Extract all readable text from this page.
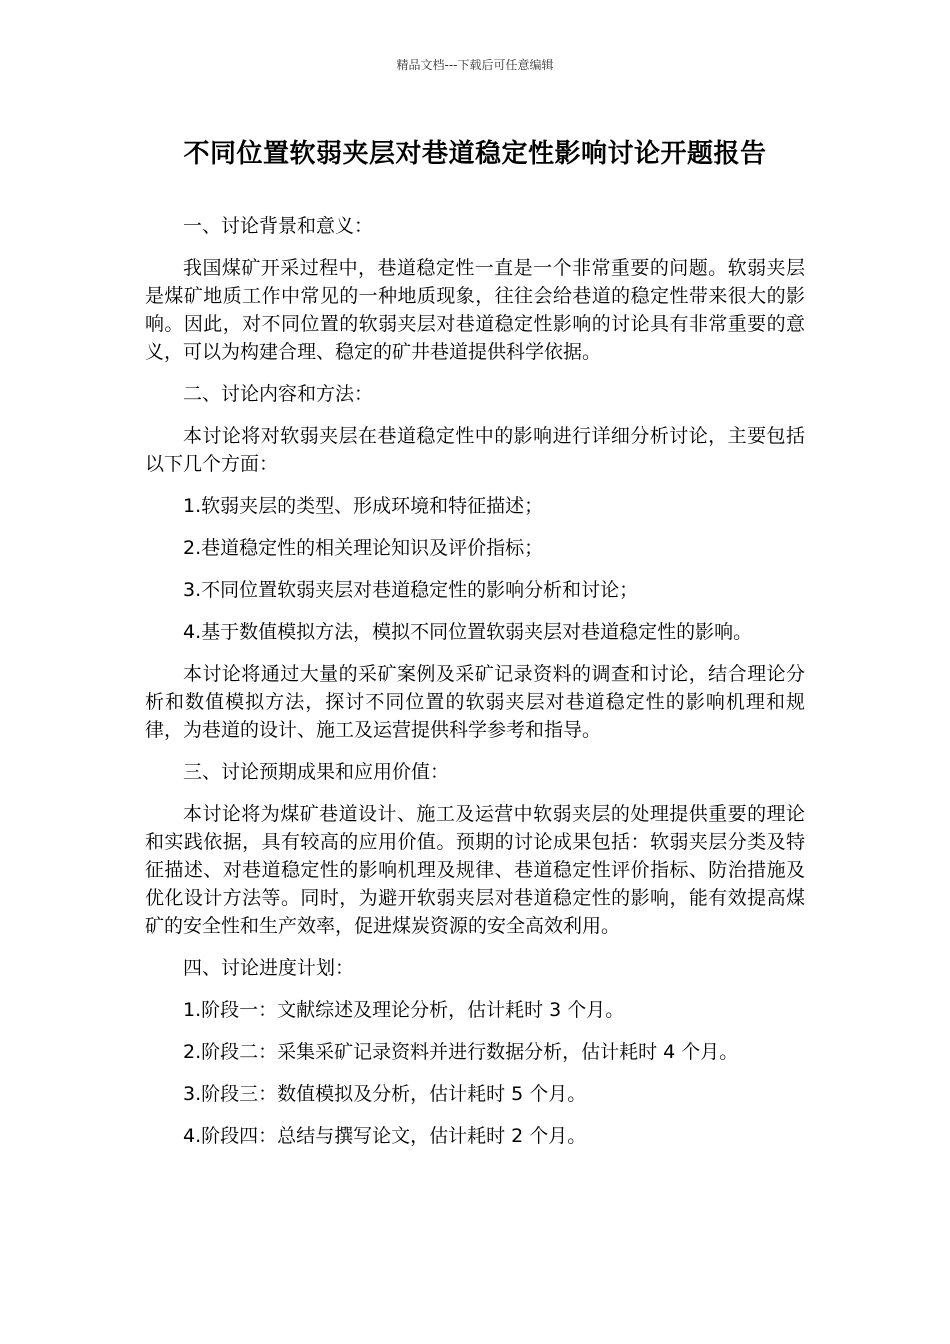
精品文档---下载后可任意编辑
不同位置软弱夹层对巷道稳定性影响讨论开题报告
一、讨论背景和意义：
我国煤矿开采过程中，巷道稳定性一直是一个非常重要的问题。软弱夹层是煤矿地质工作中常见的一种地质现象，往往会给巷道的稳定性带来很大的影响。因此，对不同位置的软弱夹层对巷道稳定性影响的讨论具有非常重要的意义，可以为构建合理、稳定的矿井巷道提供科学依据。
二、讨论内容和方法：
本讨论将对软弱夹层在巷道稳定性中的影响进行详细分析讨论，主要包括以下几个方面：
1.软弱夹层的类型、形成环境和特征描述；
2.巷道稳定性的相关理论知识及评价指标；
3.不同位置软弱夹层对巷道稳定性的影响分析和讨论；
4.基于数值模拟方法，模拟不同位置软弱夹层对巷道稳定性的影响。
本讨论将通过大量的采矿案例及采矿记录资料的调查和讨论，结合理论分析和数值模拟方法，探讨不同位置的软弱夹层对巷道稳定性的影响机理和规律，为巷道的设计、施工及运营提供科学参考和指导。
三、讨论预期成果和应用价值：
本讨论将为煤矿巷道设计、施工及运营中软弱夹层的处理提供重要的理论和实践依据，具有较高的应用价值。预期的讨论成果包括：软弱夹层分类及特征描述、对巷道稳定性的影响机理及规律、巷道稳定性评价指标、防治措施及优化设计方法等。同时，为避开软弱夹层对巷道稳定性的影响，能有效提高煤矿的安全性和生产效率，促进煤炭资源的安全高效利用。
四、讨论进度计划：
1.阶段一：文献综述及理论分析，估计耗时 3 个月。
2.阶段二：采集采矿记录资料并进行数据分析，估计耗时 4 个月。
3.阶段三：数值模拟及分析，估计耗时 5 个月。
4.阶段四：总结与撰写论文，估计耗时 2 个月。
